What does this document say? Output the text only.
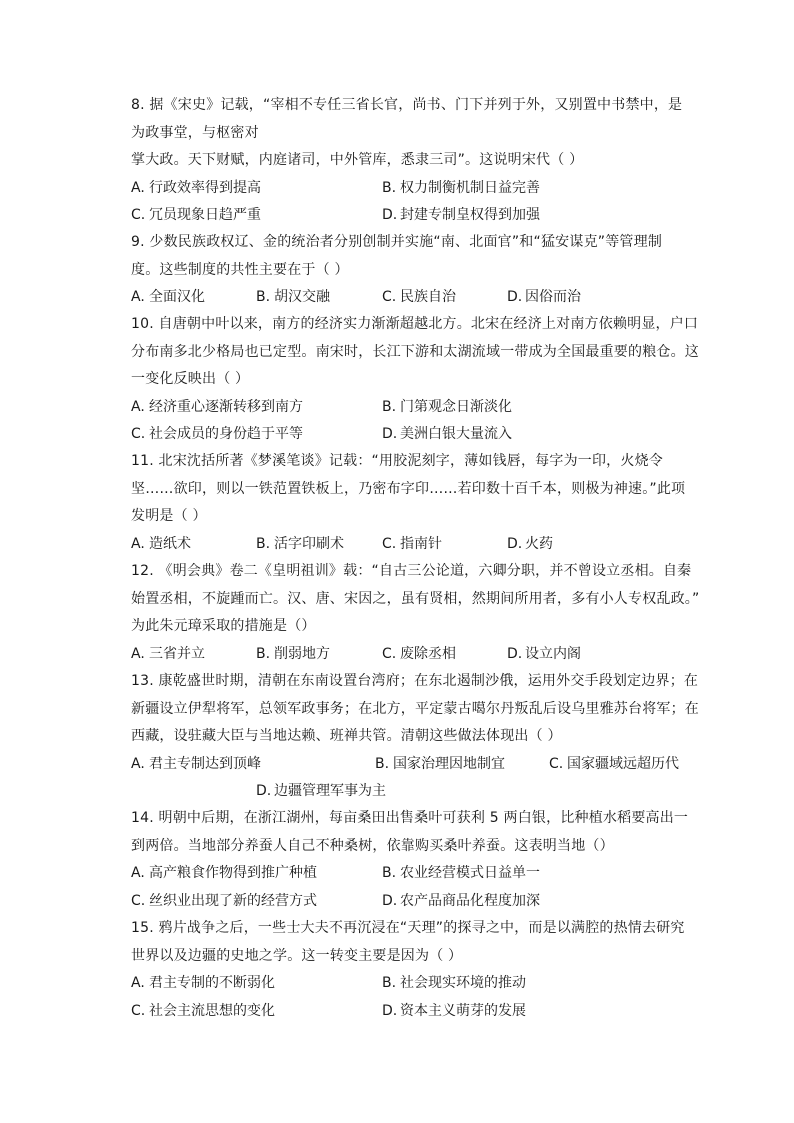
8. 据《宋史》记载，“宰相不专任三省长官，尚书、门下并列于外，又别置中书禁中，是
为政事堂，与枢密对
掌大政。天下财赋，内庭诸司，中外管库，悉隶三司”。这说明宋代（ ）
A. 行政效率得到提高	B. 权力制衡机制日益完善
C. 冗员现象日趋严重	D. 封建专制皇权得到加强
9. 少数民族政权辽、金的统治者分别创制并实施“南、北面官”和“猛安谋克”等管理制
度。这些制度的共性主要在于（ ）
A. 全面汉化	B. 胡汉交融	C. 民族自治	D. 因俗而治
10. 自唐朝中叶以来，南方的经济实力渐渐超越北方。北宋在经济上对南方依赖明显，户口
分布南多北少格局也已定型。南宋时，长江下游和太湖流域一带成为全国最重要的粮仓。这
一变化反映出（ ）
A. 经济重心逐渐转移到南方	B. 门第观念日渐淡化
C. 社会成员的身份趋于平等	D. 美洲白银大量流入
11. 北宋沈括所著《梦溪笔谈》记载：“用胶泥刻字，薄如钱唇，每字为一印，火烧令
坚……欲印，则以一铁范置铁板上，乃密布字印……若印数十百千本，则极为神速。”此项
发明是（ ）
A. 造纸术	B. 活字印刷术	C. 指南针	D. 火药
12. 《明会典》卷二《皇明祖训》载：“自古三公论道，六卿分职，并不曾设立丞相。自秦
始置丞相，不旋踵而亡。汉、唐、宋因之，虽有贤相，然期间所用者，多有小人专权乱政。”
为此朱元璋采取的措施是（）
A. 三省并立	B. 削弱地方	C. 废除丞相	D. 设立内阁
13. 康乾盛世时期，清朝在东南设置台湾府；在东北遏制沙俄，运用外交手段划定边界；在
新疆设立伊犁将军，总领军政事务；在北方，平定蒙古噶尔丹叛乱后设乌里雅苏台将军；在
西藏，设驻藏大臣与当地达赖、班禅共管。清朝这些做法体现出（ ）
A. 君主专制达到顶峰	B. 国家治理因地制宜	C. 国家疆域远超历代
D. 边疆管理军事为主
14. 明朝中后期，在浙江湖州，每亩桑田出售桑叶可获利 5 两白银，比种植水稻要高出一
到两倍。当地部分养蚕人自己不种桑树，依靠购买桑叶养蚕。这表明当地（）
A. 高产粮食作物得到推广种植	B. 农业经营模式日益单一
C. 丝织业出现了新的经营方式	D. 农产品商品化程度加深
15. 鸦片战争之后，一些士大夫不再沉浸在“天理”的探寻之中，而是以满腔的热情去研究
世界以及边疆的史地之学。这一转变主要是因为（ ）
A. 君主专制的不断弱化	B. 社会现实环境的推动
C. 社会主流思想的变化	D. 资本主义萌芽的发展
